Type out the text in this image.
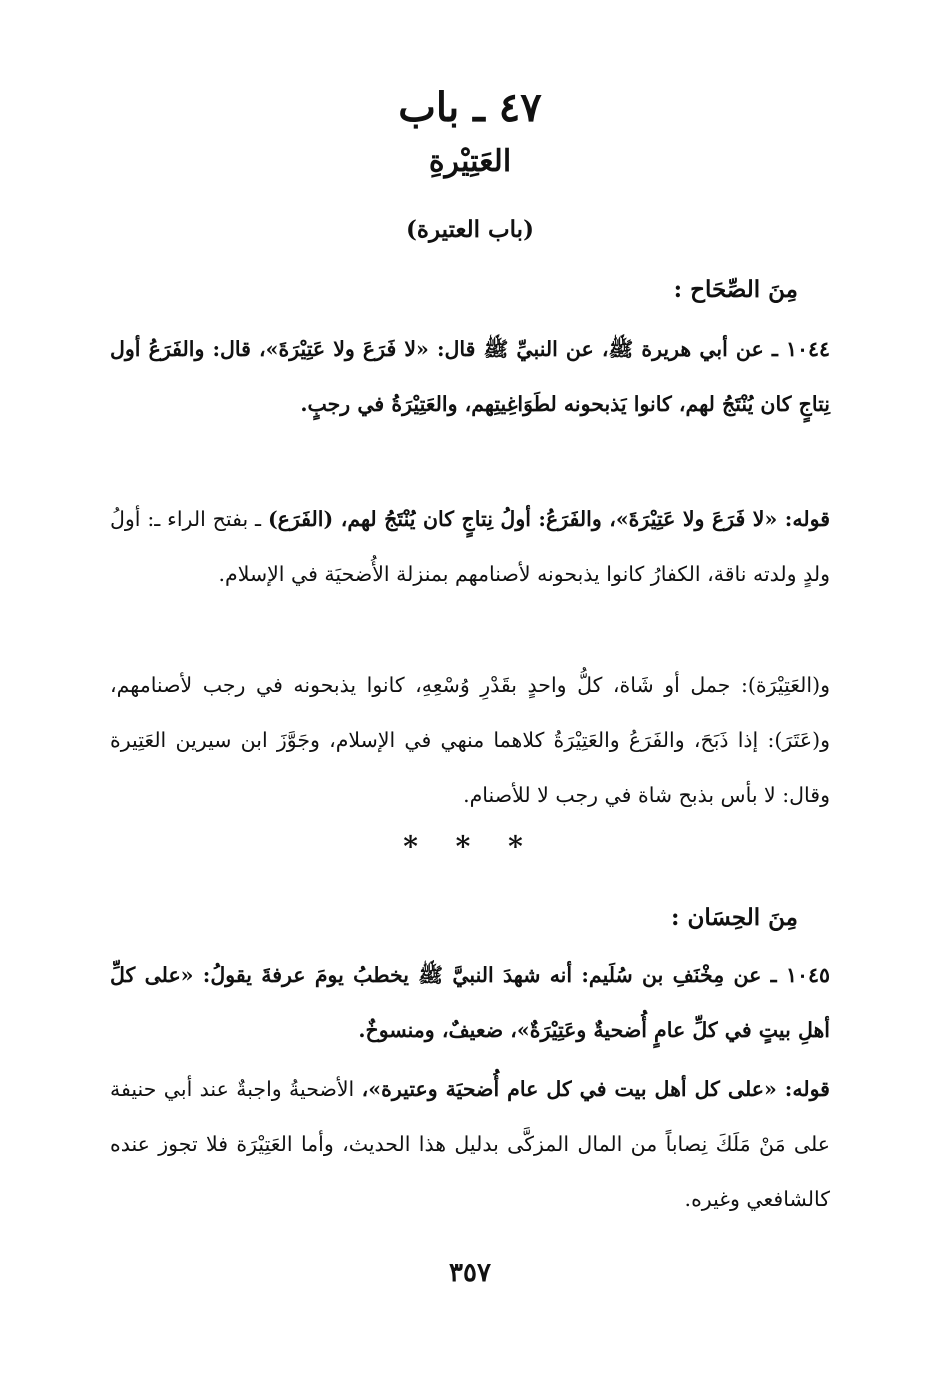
٤٧ ـ باب
العَتِيْرةِ
(باب العتيرة)
مِنَ الصِّحَاح :
١٠٤٤ ـ عن أبي هريرة ﷺ، عن النبيِّ ﷺ قال: «لا فَرَعَ ولا عَتِيْرَةَ»، قال: والفَرَعُ أول نِتاجٍ كان يُنْتَجُ لهم، كانوا يَذبحونه لطَوَاغِيتِهم، والعَتِيْرَةُ في رجبٍ.
قوله: «لا فَرَعَ ولا عَتِيْرَةَ»، والفَرَعُ: أولُ نِتاجٍ كان يُنْتَجُ لهم، (الفَرَع) ـ بفتح الراء ـ: أولُ ولدٍ ولدته ناقة، الكفارُ كانوا يذبحونه لأصنامهم بمنزلة الأُضحيَة في الإسلام.
و(العَتِيْرَة): جمل أو شَاة، كلُّ واحدٍ بقَدْرِ وُسْعِهِ، كانوا يذبحونه في رجب لأصنامهم، و(عَتَرَ): إذا ذَبَحَ، والفَرَعُ والعَتِيْرَةُ كلاهما منهي في الإسلام، وجَوَّزَ ابن سيرين العَتِيرة وقال: لا بأس بذبح شاة في رجب لا للأصنام.
* * *
مِنَ الحِسَان :
١٠٤٥ ـ عن مِخْنَفِ بن سُلَيم: أنه شهدَ النبيَّ ﷺ يخطبُ يومَ عرفةَ يقولُ: «على كلِّ أهلِ بيتٍ في كلِّ عامٍ أُضحيةٌ وعَتِيْرَةٌ»، ضعيفٌ، ومنسوخٌ.
قوله: «على كل أهل بيت في كل عام أُضحيَة وعتيرة»، الأضحيةُ واجبةٌ عند أبي حنيفة على مَنْ مَلَكَ نِصاباً من المال المزكَّى بدليل هذا الحديث، وأما العَتِيْرَة فلا تجوز عنده كالشافعي وغيره.
٣٥٧
